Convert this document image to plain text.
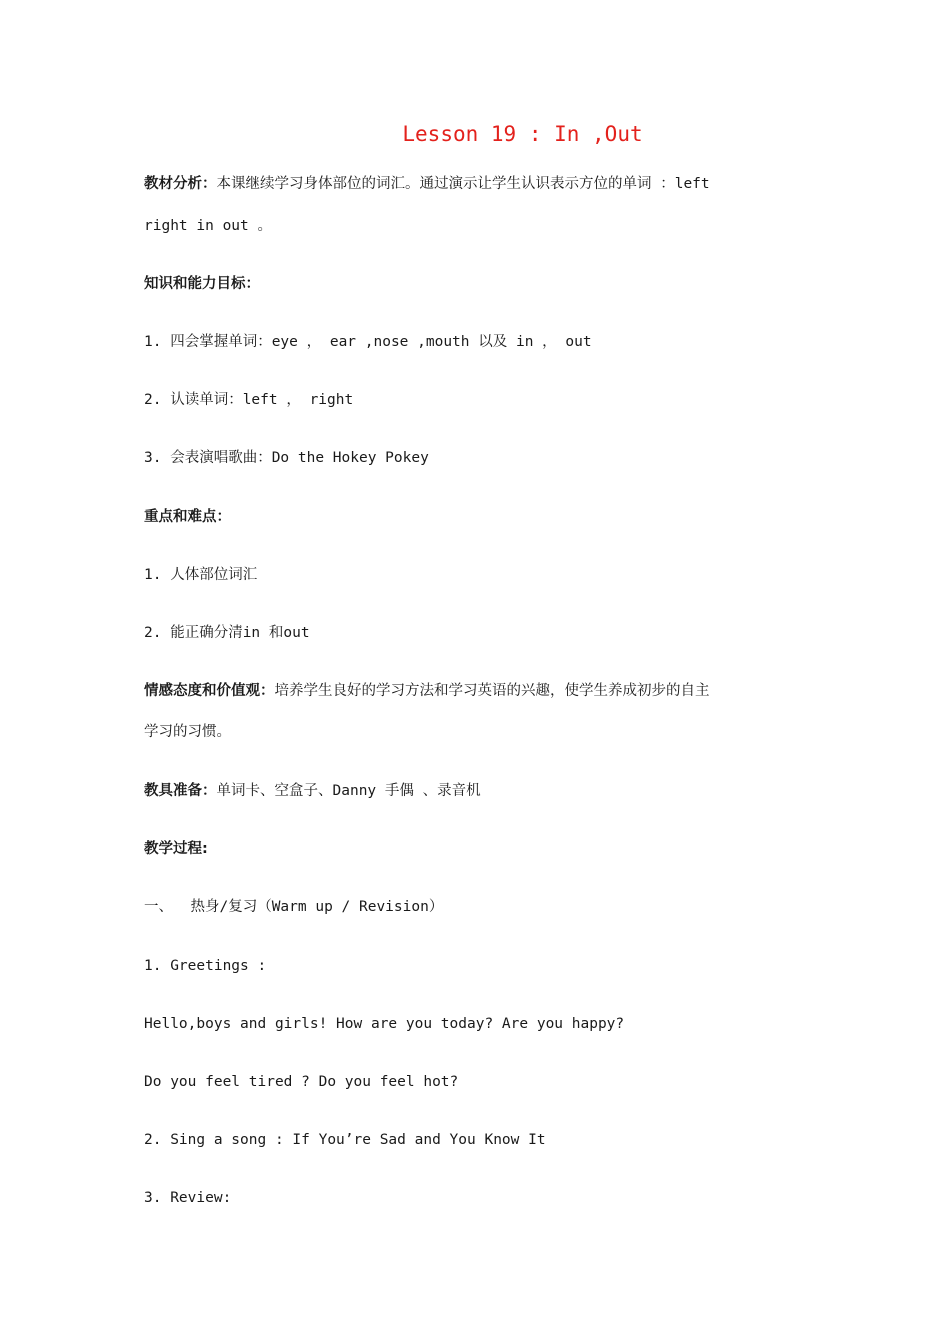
Lesson 19 : In ,Out
教材分析：本课继续学习身体部位的词汇。通过演示让学生认识表示方位的单词 ：left
right in out 。
知识和能力目标：
1. 四会掌握单词：eye ， ear ,nose ,mouth 以及 in ， out
2. 认读单词：left ， right
3. 会表演唱歌曲：Do the Hokey Pokey
重点和难点：
1. 人体部位词汇
2. 能正确分清in 和out
情感态度和价值观：培养学生良好的学习方法和学习英语的兴趣，使学生养成初步的自主
学习的习惯。
教具准备：单词卡、空盒子、Danny 手偶 、录音机
教学过程:
一、  热身/复习（Warm up / Revision）
1. Greetings :
Hello,boys and girls! How are you today? Are you happy?
Do you feel tired ? Do you feel hot?
2. Sing a song : If You’re Sad and You Know It
3. Review:
